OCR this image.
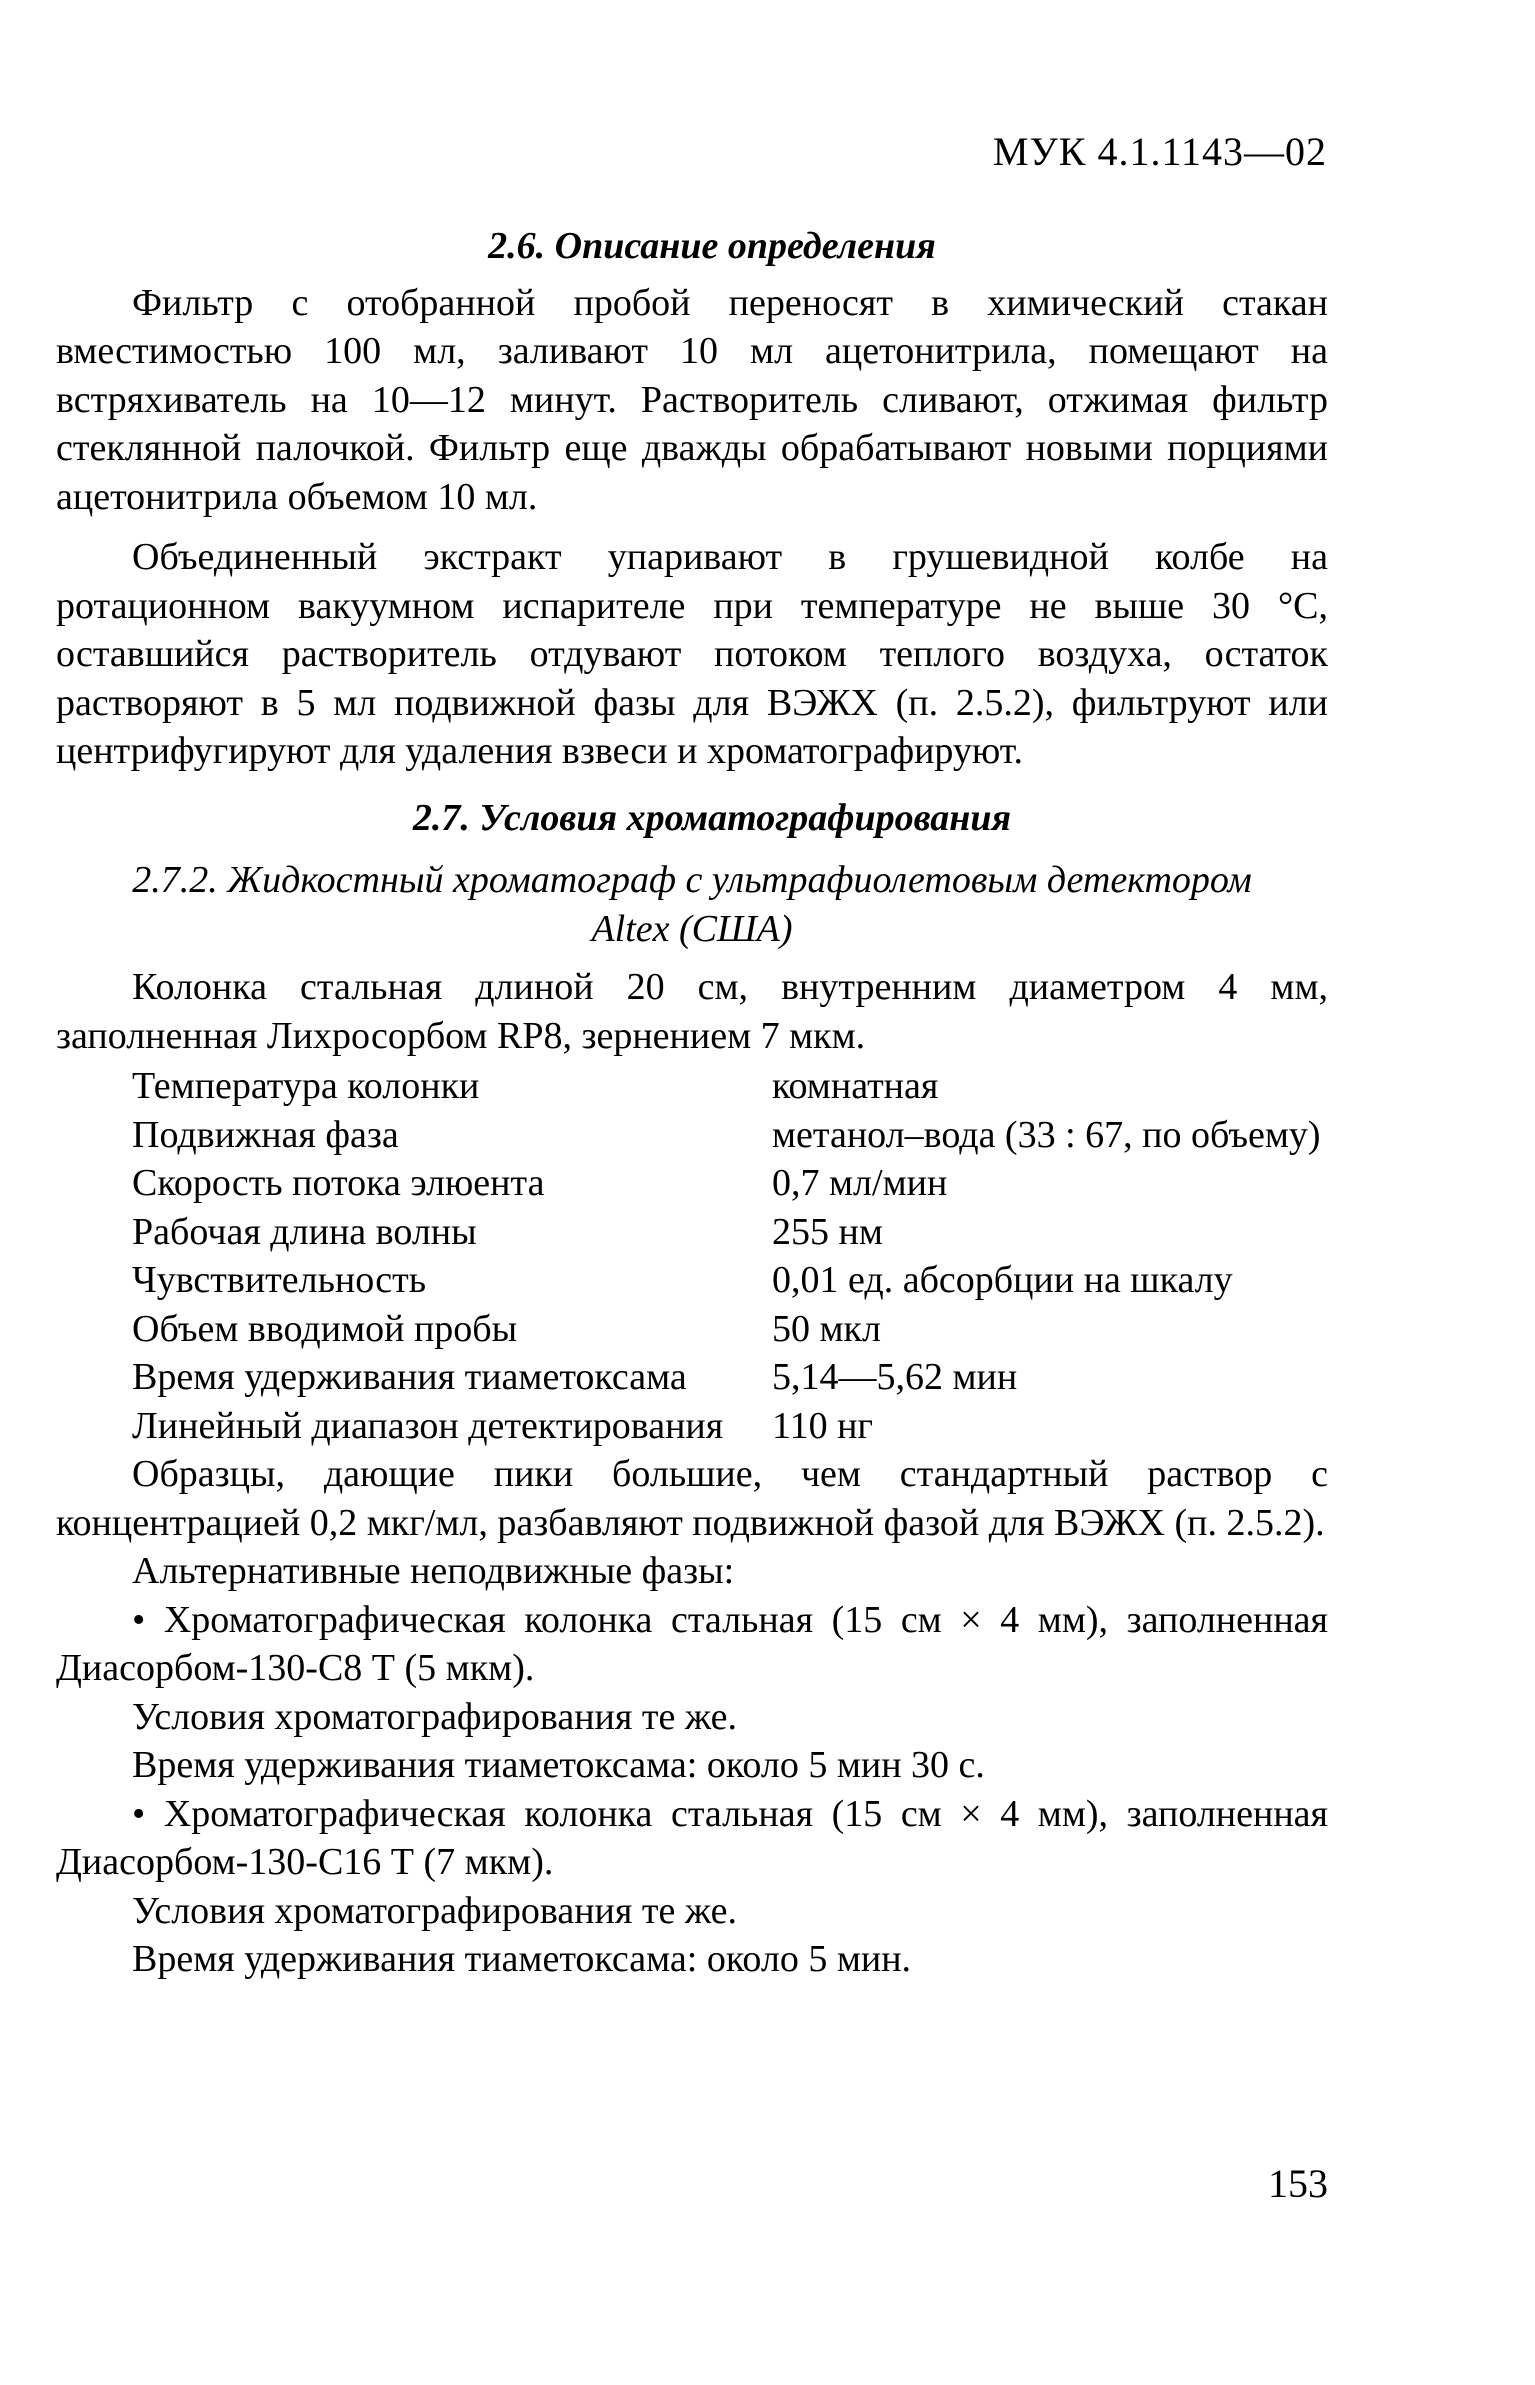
МУК 4.1.1143—02
2.6. Описание определения

Фильтр с отобранной пробой переносят в химический стакан вместимостью 100 мл, заливают 10 мл ацетонитрила, помещают на встряхиватель на 10—12 минут. Растворитель сливают, отжимая фильтр стеклянной палочкой. Фильтр еще дважды обрабатывают новыми порциями ацетонитрила объемом 10 мл.

Объединенный экстракт упаривают в грушевидной колбе на ротационном вакуумном испарителе при температуре не выше 30 °С, оставшийся растворитель отдувают потоком теплого воздуха, остаток растворяют в 5 мл подвижной фазы для ВЭЖХ (п. 2.5.2), фильтруют или центрифугируют для удаления взвеси и хроматографируют.

2.7. Условия хроматографирования
2.7.2. Жидкостный хроматограф с ультрафиолетовым детектором
Altex (США)

Колонка стальная длиной 20 см, внутренним диаметром 4 мм, заполненная Лихросорбом RP8, зернением 7 мкм.

Температура колонки	комнатная
Подвижная фаза	метанол–вода (33 : 67, по объему)
Скорость потока элюента	0,7 мл/мин
Рабочая длина волны	255 нм
Чувствительность	0,01 ед. абсорбции на шкалу
Объем вводимой пробы	50 мкл
Время удерживания тиаметоксама	5,14—5,62 мин
Линейный диапазон детектирования	110 нг

Образцы, дающие пики большие, чем стандартный раствор с концентрацией 0,2 мкг/мл, разбавляют подвижной фазой для ВЭЖХ (п. 2.5.2).

Альтернативные неподвижные фазы:

• Хроматографическая колонка стальная (15 см × 4 мм), заполненная Диасорбом-130-С8 Т (5 мкм).

Условия хроматографирования те же.

Время удерживания тиаметоксама: около 5 мин 30 с.

• Хроматографическая колонка стальная (15 см × 4 мм), заполненная Диасорбом-130-С16 Т (7 мкм).

Условия хроматографирования те же.

Время удерживания тиаметоксама: около 5 мин.

153
